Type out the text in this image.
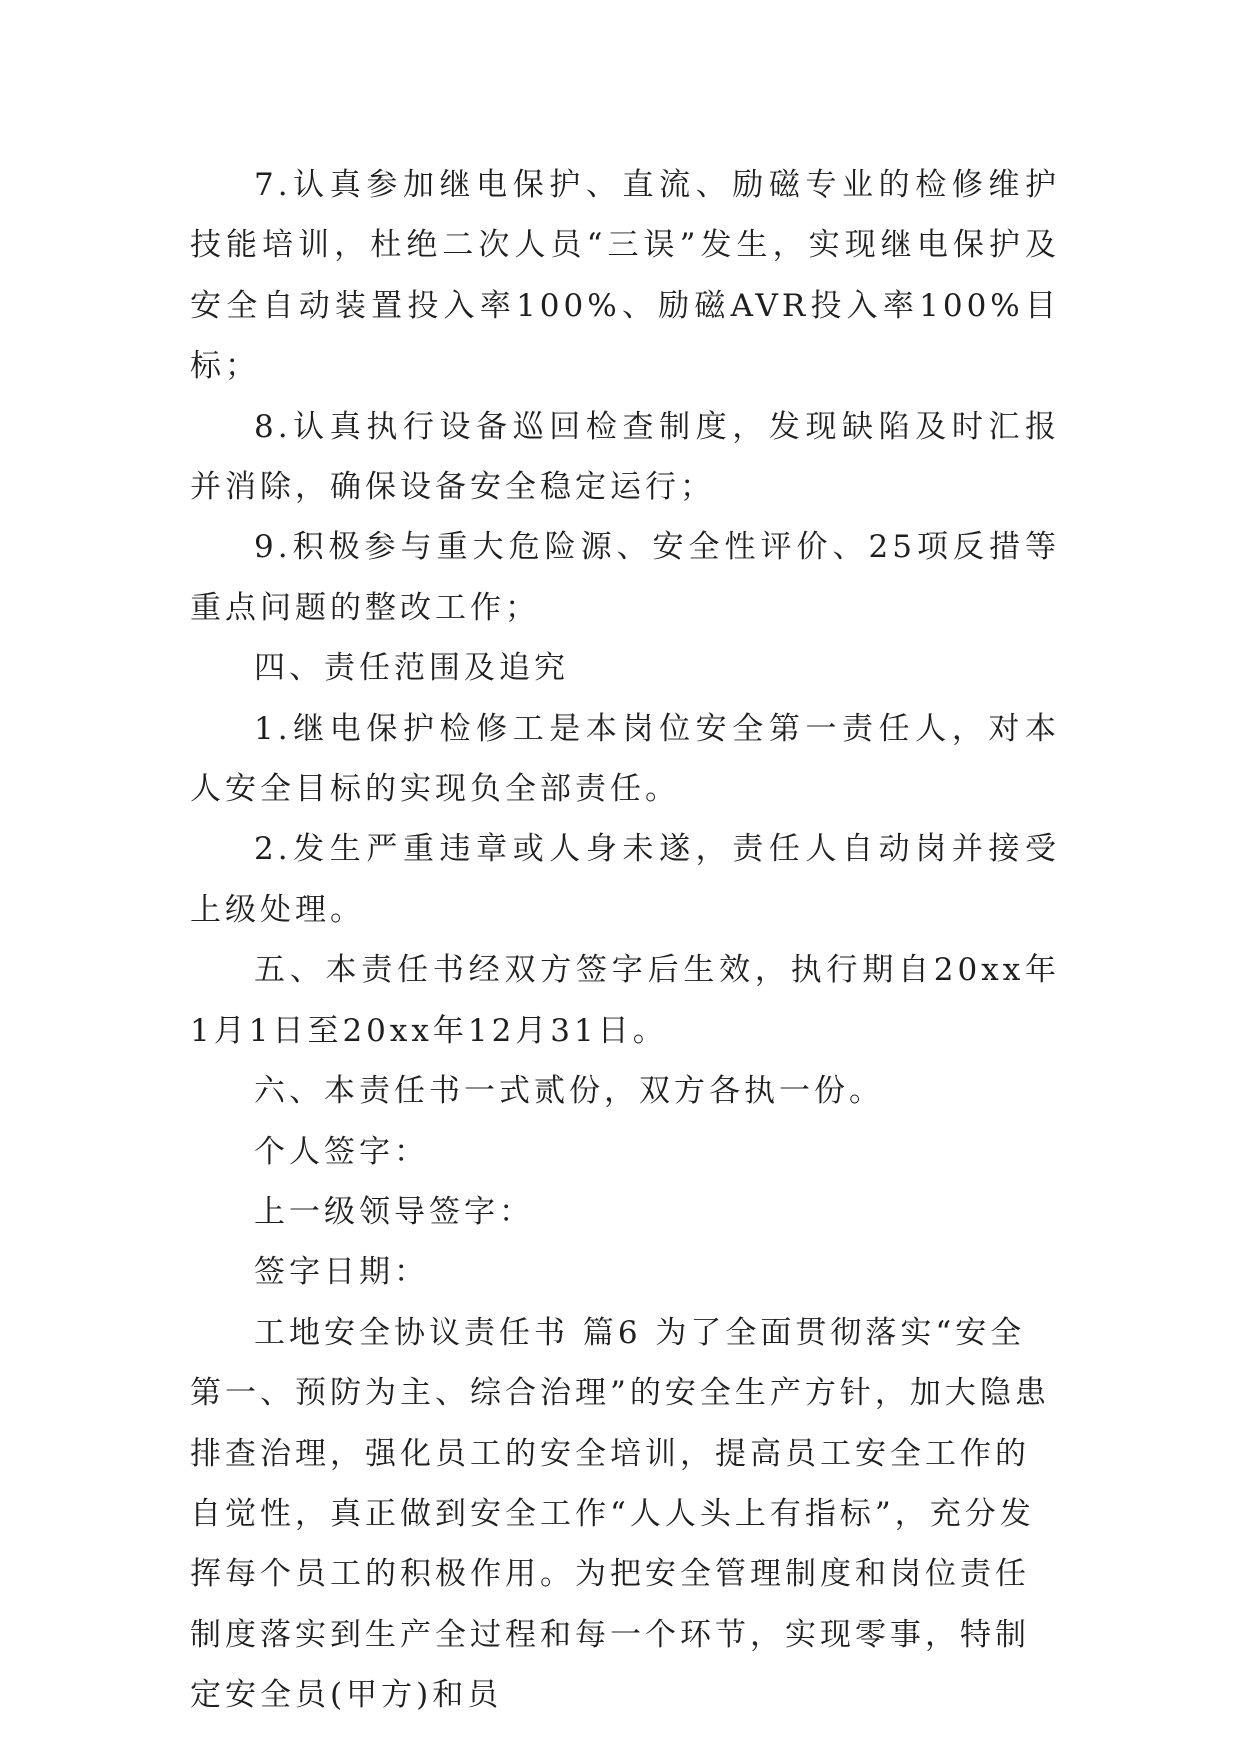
7.认真参加继电保护、直流、励磁专业的检修维护技能培训，杜绝二次人员“三误”发生，实现继电保护及安全自动装置投入率100%、励磁AVR投入率100%目标；

8.认真执行设备巡回检查制度，发现缺陷及时汇报并消除，确保设备安全稳定运行；

9.积极参与重大危险源、安全性评价、25项反措等重点问题的整改工作；

四、责任范围及追究

1.继电保护检修工是本岗位安全第一责任人，对本人安全目标的实现负全部责任。

2.发生严重违章或人身未遂，责任人自动岗并接受上级处理。

五、本责任书经双方签字后生效，执行期自20xx年1月1日至20xx年12月31日。

六、本责任书一式贰份，双方各执一份。

个人签字：

上一级领导签字：

签字日期：

工地安全协议责任书 篇6 为了全面贯彻落实“安全第一、预防为主、综合治理”的安全生产方针，加大隐患排查治理，强化员工的安全培训，提高员工安全工作的自觉性，真正做到安全工作“人人头上有指标”，充分发挥每个员工的积极作用。为把安全管理制度和岗位责任制度落实到生产全过程和每一个环节，实现零事，特制定安全员(甲方)和员
